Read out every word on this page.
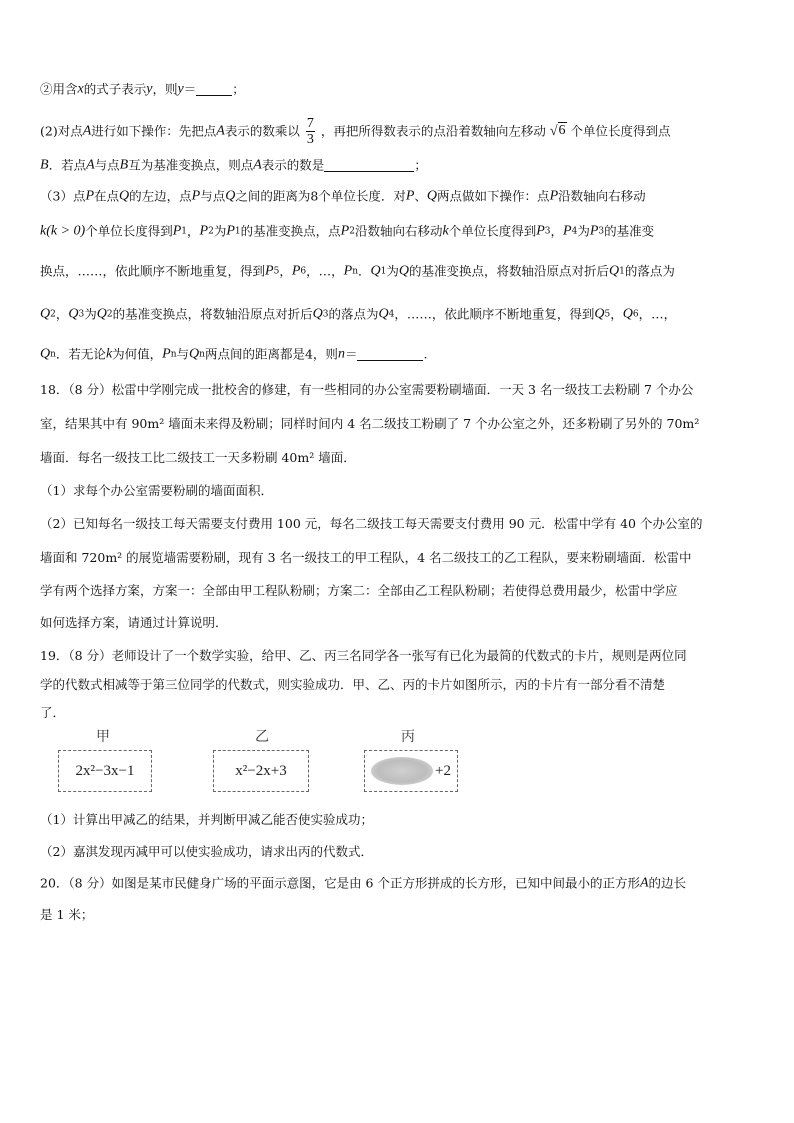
②用含x的式子表示y，则y＝	；
(2)对点A进行如下操作：先把点A表示的数乘以 $\frac{7}{3}$ ，再把所得数表示的点沿着数轴向左移动 √6 个单位长度得到点
B．若点A与点B互为基准变换点，则点A表示的数是	；
（3）点P在点Q的左边，点P与点Q之间的距离为8个单位长度．对P、Q两点做如下操作：点P沿数轴向右移动
k(k > 0)个单位长度得到P1，P2为P1的基准变换点，点P2沿数轴向右移动k个单位长度得到P3，P4为P3的基准变
换点，……，依此顺序不断地重复，得到P5，P6，…，Pn．Q1为Q的基准变换点，将数轴沿原点对折后Q1的落点为
Q2，Q3为Q2的基准变换点，将数轴沿原点对折后Q3的落点为Q4，……，依此顺序不断地重复，得到Q5，Q6，…，
Qn．若无论k为何值，Pn与Qn两点间的距离都是4，则n＝	.
18．（8 分）松雷中学刚完成一批校舍的修建，有一些相同的办公室需要粉刷墙面．一天 3 名一级技工去粉刷 7 个办公
室，结果其中有 90m² 墙面未来得及粉刷；同样时间内 4 名二级技工粉刷了 7 个办公室之外，还多粉刷了另外的 70m²
墙面．每名一级技工比二级技工一天多粉刷 40m² 墙面．
（1）求每个办公室需要粉刷的墙面面积．
（2）已知每名一级技工每天需要支付费用 100 元，每名二级技工每天需要支付费用 90 元．松雷中学有 40 个办公室的
墙面和 720m² 的展览墙需要粉刷，现有 3 名一级技工的甲工程队，4 名二级技工的乙工程队，要来粉刷墙面．松雷中
学有两个选择方案，方案一：全部由甲工程队粉刷；方案二：全部由乙工程队粉刷；若使得总费用最少，松雷中学应
如何选择方案，请通过计算说明．
19．（8 分）老师设计了一个数学实验，给甲、乙、丙三名同学各一张写有已化为最简的代数式的卡片，规则是两位同
学的代数式相减等于第三位同学的代数式，则实验成功．甲、乙、丙的卡片如图所示，丙的卡片有一部分看不清楚
了．
甲
2x²−3x−1
乙
x²−2x+3
丙
+2
（1）计算出甲减乙的结果，并判断甲减乙能否使实验成功；
（2）嘉淇发现丙减甲可以使实验成功，请求出丙的代数式．
20．（8 分）如图是某市民健身广场的平面示意图，它是由 6 个正方形拼成的长方形，已知中间最小的正方形A的边长
是 1 米；
